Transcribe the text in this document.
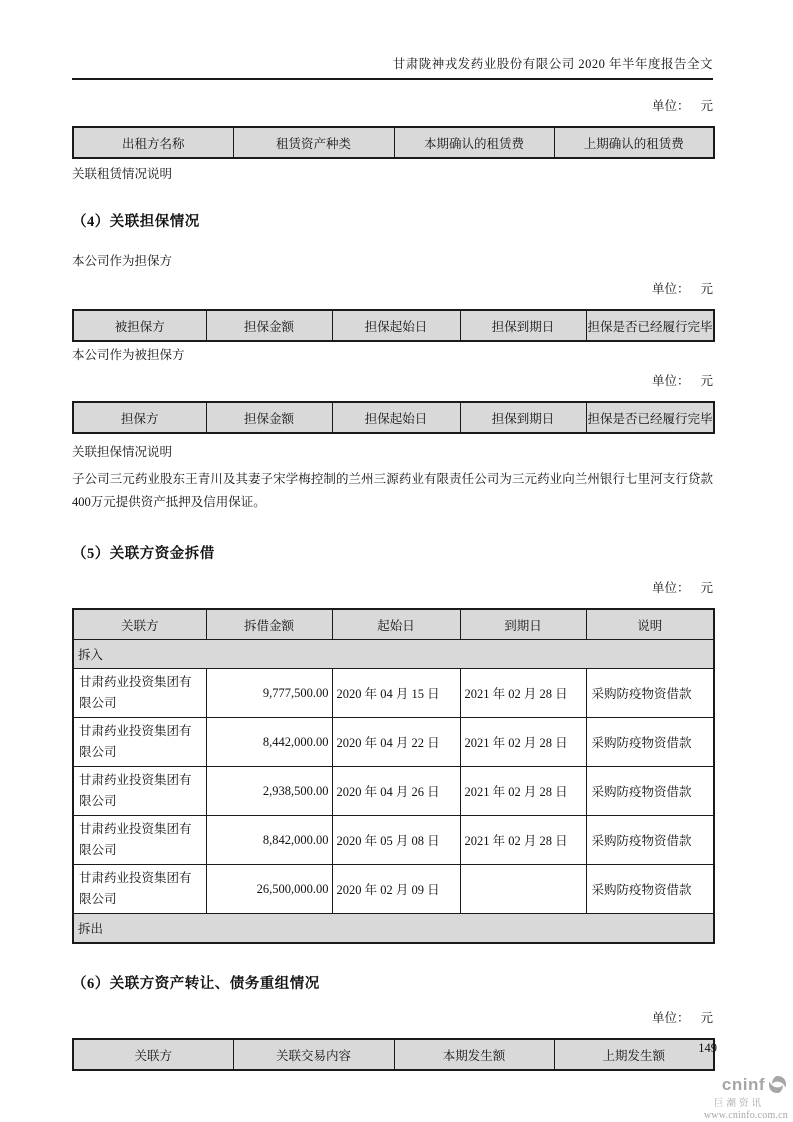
甘肃陇神戎发药业股份有限公司 2020 年半年度报告全文
单位： 元
出租方名称	租赁资产种类	本期确认的租赁费	上期确认的租赁费
关联租赁情况说明
（4）关联担保情况
本公司作为担保方
单位： 元
被担保方	担保金额	担保起始日	担保到期日	担保是否已经履行完毕
本公司作为被担保方
单位： 元
担保方	担保金额	担保起始日	担保到期日	担保是否已经履行完毕
关联担保情况说明
子公司三元药业股东王青川及其妻子宋学梅控制的兰州三源药业有限责任公司为三元药业向兰州银行七里河支行贷款400万元提供资产抵押及信用保证。
（5）关联方资金拆借
单位： 元
关联方	拆借金额	起始日	到期日	说明
拆入				
甘肃药业投资集团有限公司	9,777,500.00	2020 年 04 月 15 日	2021 年 02 月 28 日	采购防疫物资借款
甘肃药业投资集团有限公司	8,442,000.00	2020 年 04 月 22 日	2021 年 02 月 28 日	采购防疫物资借款
甘肃药业投资集团有限公司	2,938,500.00	2020 年 04 月 26 日	2021 年 02 月 28 日	采购防疫物资借款
甘肃药业投资集团有限公司	8,842,000.00	2020 年 05 月 08 日	2021 年 02 月 28 日	采购防疫物资借款
甘肃药业投资集团有限公司	26,500,000.00	2020 年 02 月 09 日		采购防疫物资借款
拆出				
（6）关联方资产转让、债务重组情况
单位： 元
关联方	关联交易内容	本期发生额	上期发生额
149
cninf
巨潮资讯
www.cninfo.com.cn
